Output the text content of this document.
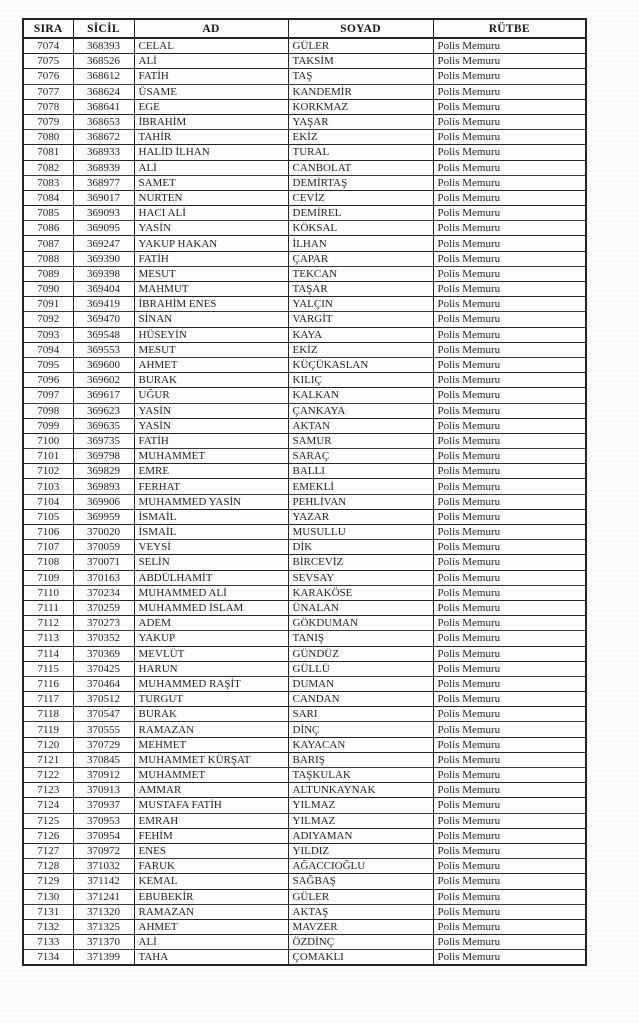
SIRA	SİCİL	AD	SOYAD	RÜTBE
7074	368393	CELAL	GÜLER	Polis Memuru
7075	368526	ALİ	TAKSİM	Polis Memuru
7076	368612	FATİH	TAŞ	Polis Memuru
7077	368624	ÜSAME	KANDEMİR	Polis Memuru
7078	368641	EGE	KORKMAZ	Polis Memuru
7079	368653	İBRAHİM	YAŞAR	Polis Memuru
7080	368672	TAHİR	EKİZ	Polis Memuru
7081	368933	HALİD İLHAN	TURAL	Polis Memuru
7082	368939	ALİ	CANBOLAT	Polis Memuru
7083	368977	SAMET	DEMİRTAŞ	Polis Memuru
7084	369017	NURTEN	CEVİZ	Polis Memuru
7085	369093	HACI ALİ	DEMİREL	Polis Memuru
7086	369095	YASİN	KÖKSAL	Polis Memuru
7087	369247	YAKUP HAKAN	İLHAN	Polis Memuru
7088	369390	FATİH	ÇAPAR	Polis Memuru
7089	369398	MESUT	TEKCAN	Polis Memuru
7090	369404	MAHMUT	TAŞAR	Polis Memuru
7091	369419	İBRAHİM ENES	YALÇIN	Polis Memuru
7092	369470	SİNAN	VARGİT	Polis Memuru
7093	369548	HÜSEYİN	KAYA	Polis Memuru
7094	369553	MESUT	EKİZ	Polis Memuru
7095	369600	AHMET	KÜÇÜKASLAN	Polis Memuru
7096	369602	BURAK	KILIÇ	Polis Memuru
7097	369617	UĞUR	KALKAN	Polis Memuru
7098	369623	YASİN	ÇANKAYA	Polis Memuru
7099	369635	YASİN	AKTAN	Polis Memuru
7100	369735	FATİH	SAMUR	Polis Memuru
7101	369798	MUHAMMET	SARAÇ	Polis Memuru
7102	369829	EMRE	BALLI	Polis Memuru
7103	369893	FERHAT	EMEKLİ	Polis Memuru
7104	369906	MUHAMMED YASİN	PEHLİVAN	Polis Memuru
7105	369959	İSMAİL	YAZAR	Polis Memuru
7106	370020	İSMAİL	MUSULLU	Polis Memuru
7107	370059	VEYSİ	DİK	Polis Memuru
7108	370071	SELİN	BİRCEVİZ	Polis Memuru
7109	370163	ABDÜLHAMİT	SEVSAY	Polis Memuru
7110	370234	MUHAMMED ALİ	KARAKÖSE	Polis Memuru
7111	370259	MUHAMMED İSLAM	ÜNALAN	Polis Memuru
7112	370273	ADEM	GÖKDUMAN	Polis Memuru
7113	370352	YAKUP	TANIŞ	Polis Memuru
7114	370369	MEVLÜT	GÜNDÜZ	Polis Memuru
7115	370425	HARUN	GÜLLÜ	Polis Memuru
7116	370464	MUHAMMED RAŞİT	DUMAN	Polis Memuru
7117	370512	TURGUT	CANDAN	Polis Memuru
7118	370547	BURAK	SARI	Polis Memuru
7119	370555	RAMAZAN	DİNÇ	Polis Memuru
7120	370729	MEHMET	KAYACAN	Polis Memuru
7121	370845	MUHAMMET KÜRŞAT	BARIŞ	Polis Memuru
7122	370912	MUHAMMET	TAŞKULAK	Polis Memuru
7123	370913	AMMAR	ALTUNKAYNAK	Polis Memuru
7124	370937	MUSTAFA FATİH	YILMAZ	Polis Memuru
7125	370953	EMRAH	YILMAZ	Polis Memuru
7126	370954	FEHİM	ADIYAMAN	Polis Memuru
7127	370972	ENES	YILDIZ	Polis Memuru
7128	371032	FARUK	AĞACCIOĞLU	Polis Memuru
7129	371142	KEMAL	SAĞBAŞ	Polis Memuru
7130	371241	EBUBEKİR	GÜLER	Polis Memuru
7131	371320	RAMAZAN	AKTAŞ	Polis Memuru
7132	371325	AHMET	MAVZER	Polis Memuru
7133	371370	ALİ	ÖZDİNÇ	Polis Memuru
7134	371399	TAHA	ÇOMAKLI	Polis Memuru
